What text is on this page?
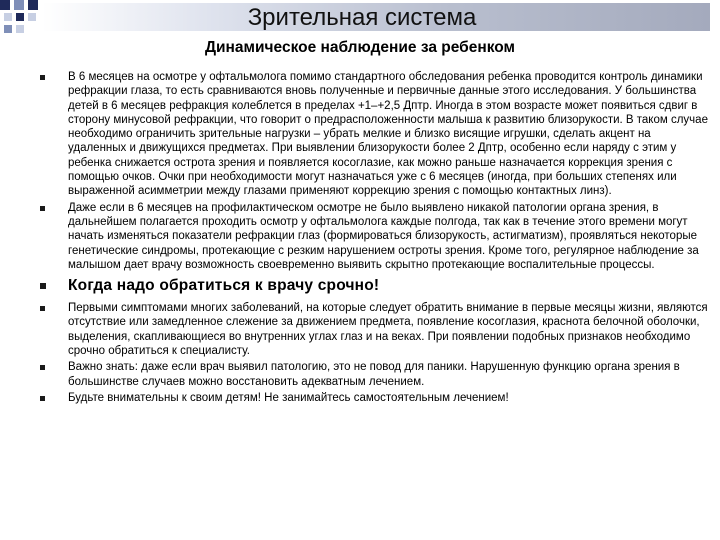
Зрительная система
Динамическое наблюдение за ребенком
В 6 месяцев на осмотре у офтальмолога помимо стандартного обследования ребенка проводится контроль динамики рефракции глаза, то есть сравниваются вновь полученные и первичные данные этого исследования. У большинства детей в 6 месяцев рефракция колеблется в пределах +1–+2,5 Дптр. Иногда в этом возрасте может появиться сдвиг в сторону минусовой рефракции, что говорит о предрасположенности малыша к развитию близорукости. В таком случае необходимо ограничить зрительные нагрузки – убрать мелкие и близко висящие игрушки, сделать акцент на удаленных и движущихся предметах. При выявлении близорукости более 2 Дптр, особенно если наряду с этим у ребенка снижается острота зрения и появляется косоглазие, как можно раньше назначается коррекция зрения с помощью очков. Очки при необходимости могут назначаться уже с 6 месяцев (иногда, при больших степенях или выраженной асимметрии между глазами применяют коррекцию зрения с помощью контактных линз).
Даже если в 6 месяцев на профилактическом осмотре не было выявлено никакой патологии органа зрения, в дальнейшем полагается проходить осмотр у офтальмолога каждые полгода, так как в течение этого времени могут начать изменяться показатели рефракции глаз (формироваться близорукость, астигматизм), проявляться некоторые генетические синдромы, протекающие с резким нарушением остроты зрения. Кроме того, регулярное наблюдение за малышом дает врачу возможность своевременно выявить скрытно протекающие воспалительные процессы.
Когда надо обратиться к врачу срочно!
Первыми симптомами многих заболеваний, на которые следует обратить внимание в первые месяцы жизни, являются отсутствие или замедленное слежение за движением предмета, появление косоглазия, краснота белочной оболочки, выделения, скапливающиеся во внутренних углах глаз и на веках. При появлении подобных признаков необходимо срочно обратиться к специалисту.
Важно знать: даже если врач выявил патологию, это не повод для паники. Нарушенную функцию органа зрения в большинстве случаев можно восстановить адекватным лечением.
Будьте внимательны к своим детям! Не занимайтесь самостоятельным лечением!
